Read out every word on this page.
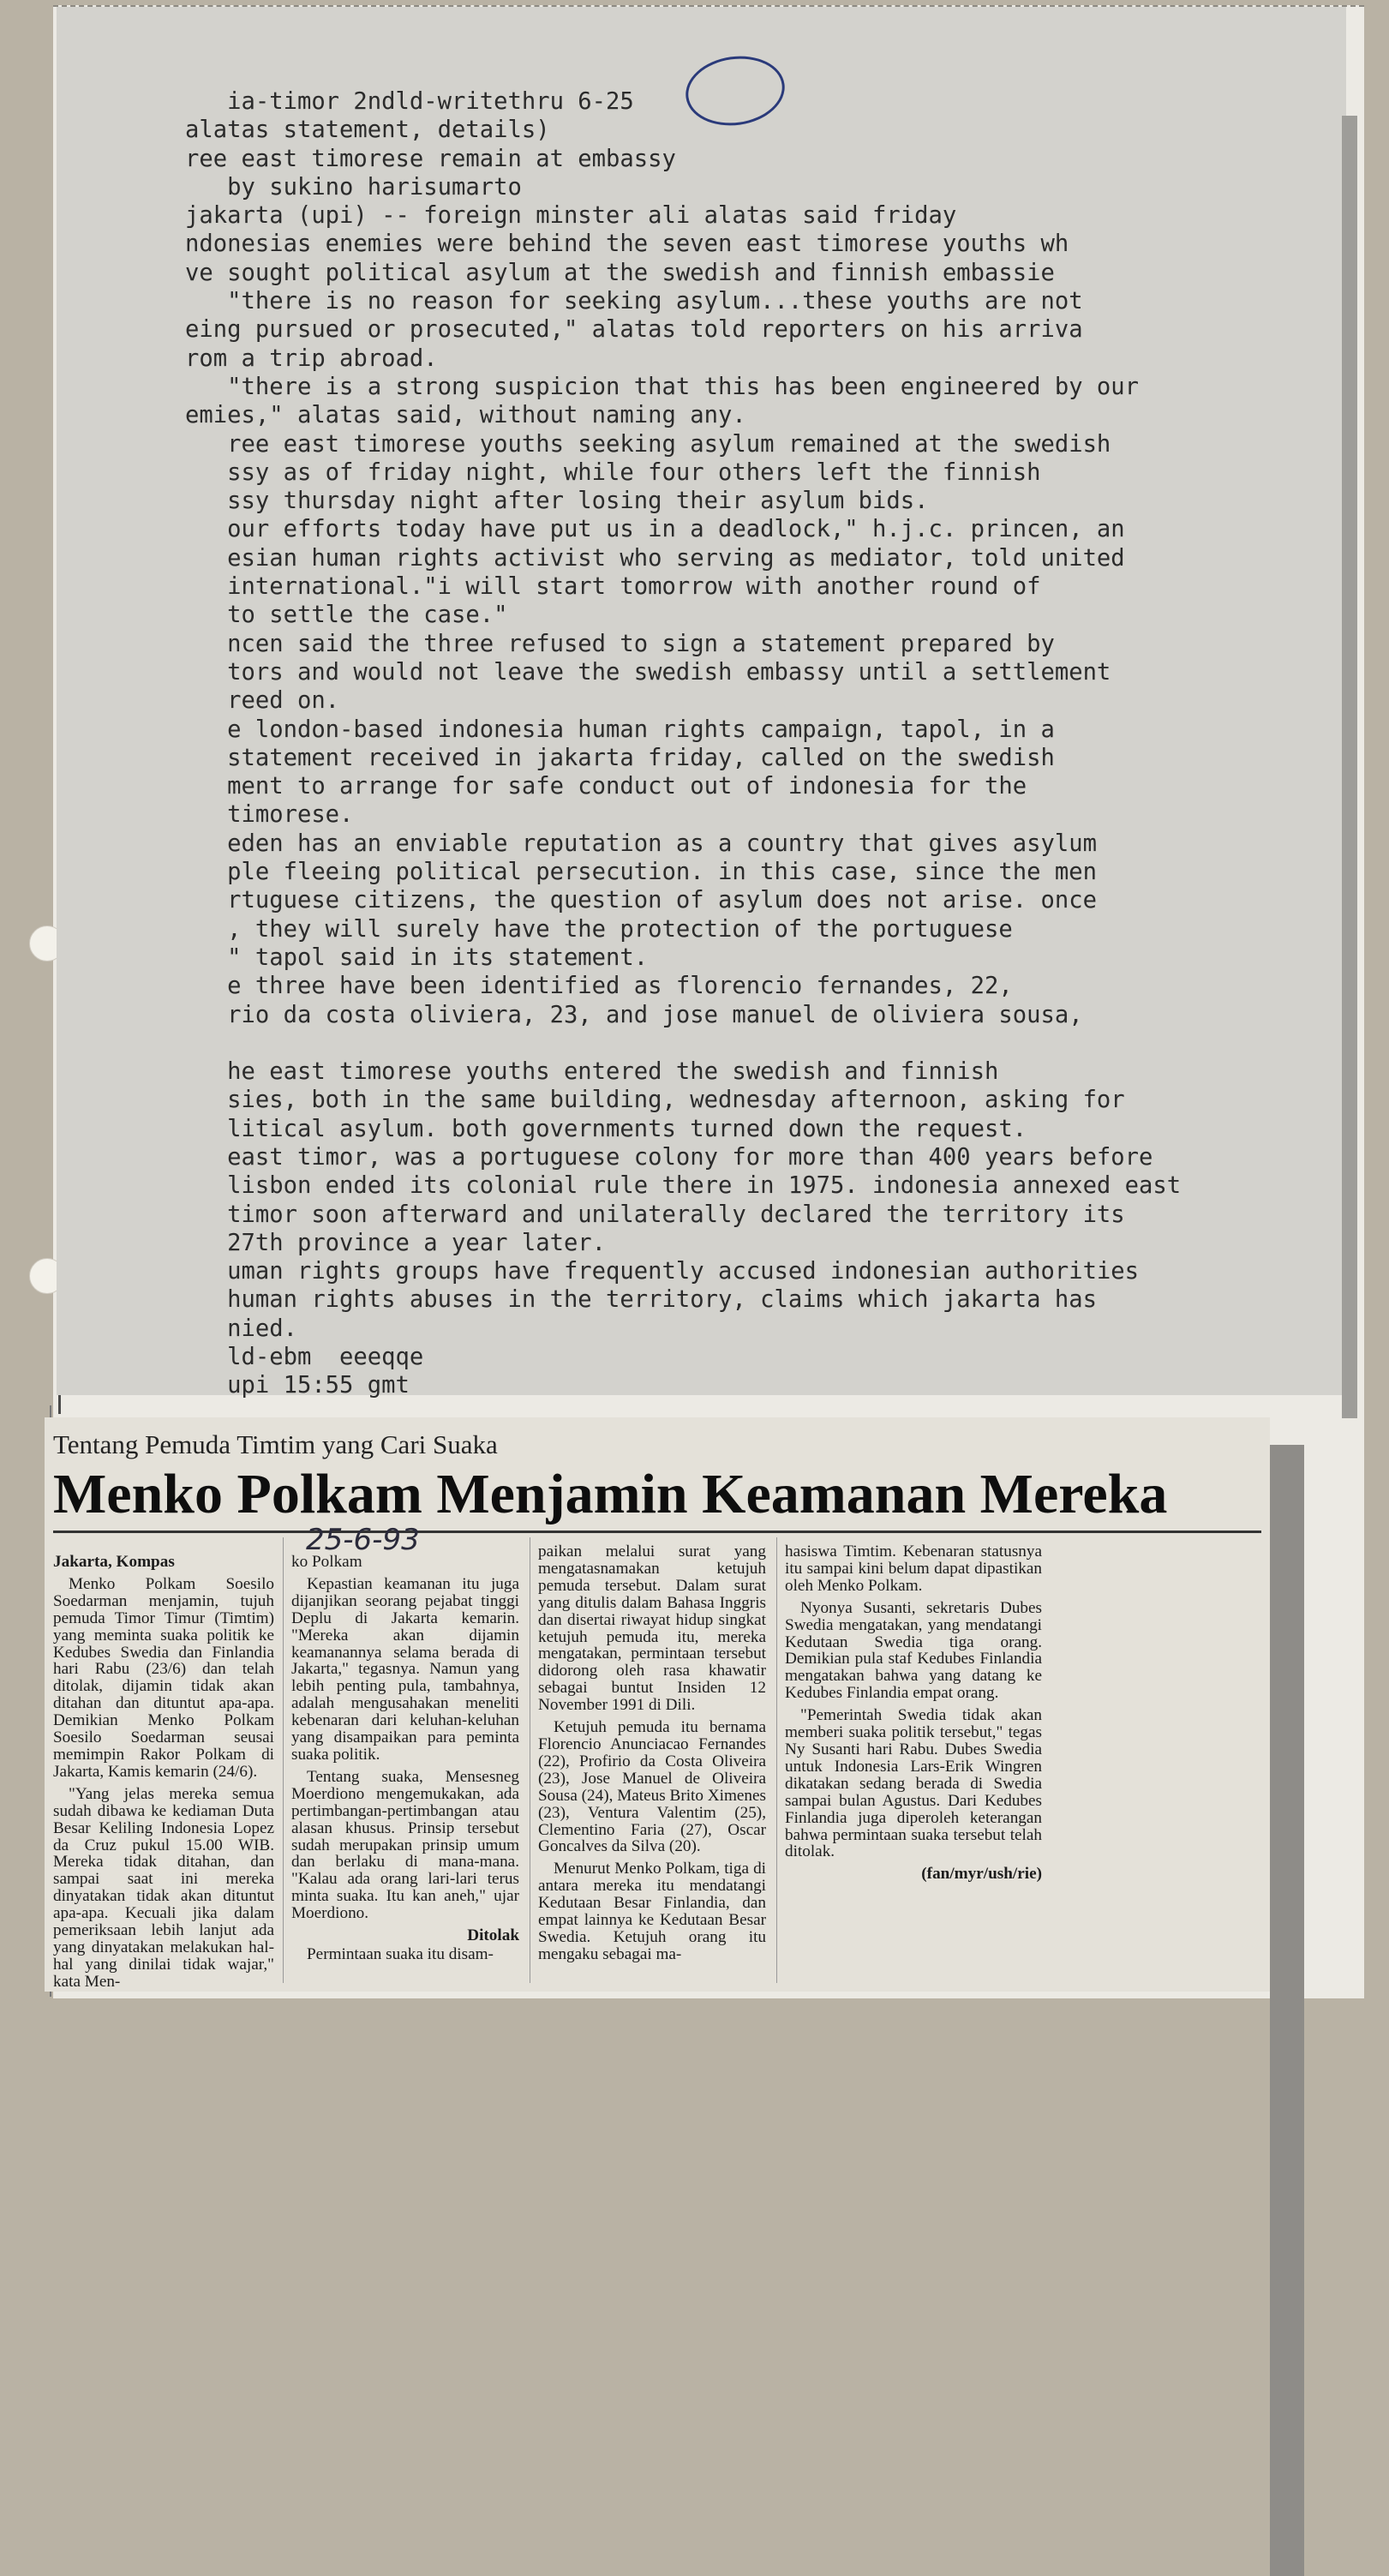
ia-timor 2ndld-writethru 6-25
alatas statement, details)
ree east timorese remain at embassy
by sukino harisumarto
jakarta (upi) -- foreign minster ali alatas said friday
ndonesias enemies were behind the seven east timorese youths wh
ve sought political asylum at the swedish and finnish embassie
"there is no reason for seeking asylum...these youths are not
eing pursued or prosecuted," alatas told reporters on his arriva
rom a trip abroad.
"there is a strong suspicion that this has been engineered by our
emies," alatas said, without naming any.
ree east timorese youths seeking asylum remained at the swedish
ssy as of friday night, while four others left the finnish
ssy thursday night after losing their asylum bids.
our efforts today have put us in a deadlock," h.j.c. princen, an
esian human rights activist who serving as mediator, told united
international."i will start tomorrow with another round of
to settle the case."
ncen said the three refused to sign a statement prepared by
tors and would not leave the swedish embassy until a settlement
reed on.
e london-based indonesia human rights campaign, tapol, in a
statement received in jakarta friday, called on the swedish
ment to arrange for safe conduct out of indonesia for the
timorese.
eden has an enviable reputation as a country that gives asylum
ple fleeing political persecution. in this case, since the men
rtuguese citizens, the question of asylum does not arise. once
, they will surely have the protection of the portuguese
" tapol said in its statement.
e three have been identified as florencio fernandes, 22,
rio da costa oliviera, 23, and jose manuel de oliviera sousa,
he east timorese youths entered the swedish and finnish
sies, both in the same building, wednesday afternoon, asking for
litical asylum. both governments turned down the request.
east timor, was a portuguese colony for more than 400 years before
lisbon ended its colonial rule there in 1975. indonesia annexed east
timor soon afterward and unilaterally declared the territory its
27th province a year later.
uman rights groups have frequently accused indonesian authorities
human rights abuses in the territory, claims which jakarta has
nied.
ld-ebm  eeeqqe
upi 15:55 gmt
Tentang Pemuda Timtim yang Cari Suaka
Menko Polkam Menjamin Keamanan Mereka
25-6-93

Jakarta, Kompas

Menko Polkam Soesilo Soedarman menjamin, tujuh pemuda Timor Timur (Timtim) yang meminta suaka politik ke Kedubes Swedia dan Finlandia hari Rabu (23/6) dan telah ditolak, dijamin tidak akan ditahan dan dituntut apa-apa. Demikian Menko Polkam Soesilo Soedarman seusai memimpin Rakor Polkam di Jakarta, Kamis kemarin (24/6).

"Yang jelas mereka semua sudah dibawa ke kediaman Duta Besar Keliling Indonesia Lopez da Cruz pukul 15.00 WIB. Mereka tidak ditahan, dan sampai saat ini mereka dinyatakan tidak akan dituntut apa-apa. Kecuali jika dalam pemeriksaan lebih lanjut ada yang dinyatakan melakukan hal-hal yang dinilai tidak wajar," kata Men-

ko Polkam

Kepastian keamanan itu juga dijanjikan seorang pejabat tinggi Deplu di Jakarta kemarin. "Mereka akan dijamin keamanannya selama berada di Jakarta," tegasnya. Namun yang lebih penting pula, tambahnya, adalah mengusahakan meneliti kebenaran dari keluhan-keluhan yang disampaikan para peminta suaka politik.

Tentang suaka, Mensesneg Moerdiono mengemukakan, ada pertimbangan-pertimbangan atau alasan khusus. Prinsip tersebut sudah merupakan prinsip umum dan berlaku di mana-mana. "Kalau ada orang lari-lari terus minta suaka. Itu kan aneh," ujar Moerdiono.

Ditolak

Permintaan suaka itu disam-

paikan melalui surat yang mengatasnamakan ketujuh pemuda tersebut. Dalam surat yang ditulis dalam Bahasa Inggris dan disertai riwayat hidup singkat ketujuh pemuda itu, mereka mengatakan, permintaan tersebut didorong oleh rasa khawatir sebagai buntut Insiden 12 November 1991 di Dili.

Ketujuh pemuda itu bernama Florencio Anunciacao Fernandes (22), Profirio da Costa Oliveira (23), Jose Manuel de Oliveira Sousa (24), Mateus Brito Ximenes (23), Ventura Valentim (25), Clementino Faria (27), Oscar Goncalves da Silva (20).

Menurut Menko Polkam, tiga di antara mereka itu mendatangi Kedutaan Besar Finlandia, dan empat lainnya ke Kedutaan Besar Swedia. Ketujuh orang itu mengaku sebagai ma-

hasiswa Timtim. Kebenaran statusnya itu sampai kini belum dapat dipastikan oleh Menko Polkam.

Nyonya Susanti, sekretaris Dubes Swedia mengatakan, yang mendatangi Kedutaan Swedia tiga orang. Demikian pula staf Kedubes Finlandia mengatakan bahwa yang datang ke Kedubes Finlandia empat orang.

"Pemerintah Swedia tidak akan memberi suaka politik tersebut," tegas Ny Susanti hari Rabu. Dubes Swedia untuk Indonesia Lars-Erik Wingren dikatakan sedang berada di Swedia sampai bulan Agustus. Dari Kedubes Finlandia juga diperoleh keterangan bahwa permintaan suaka tersebut telah ditolak.

(fan/myr/ush/rie)
